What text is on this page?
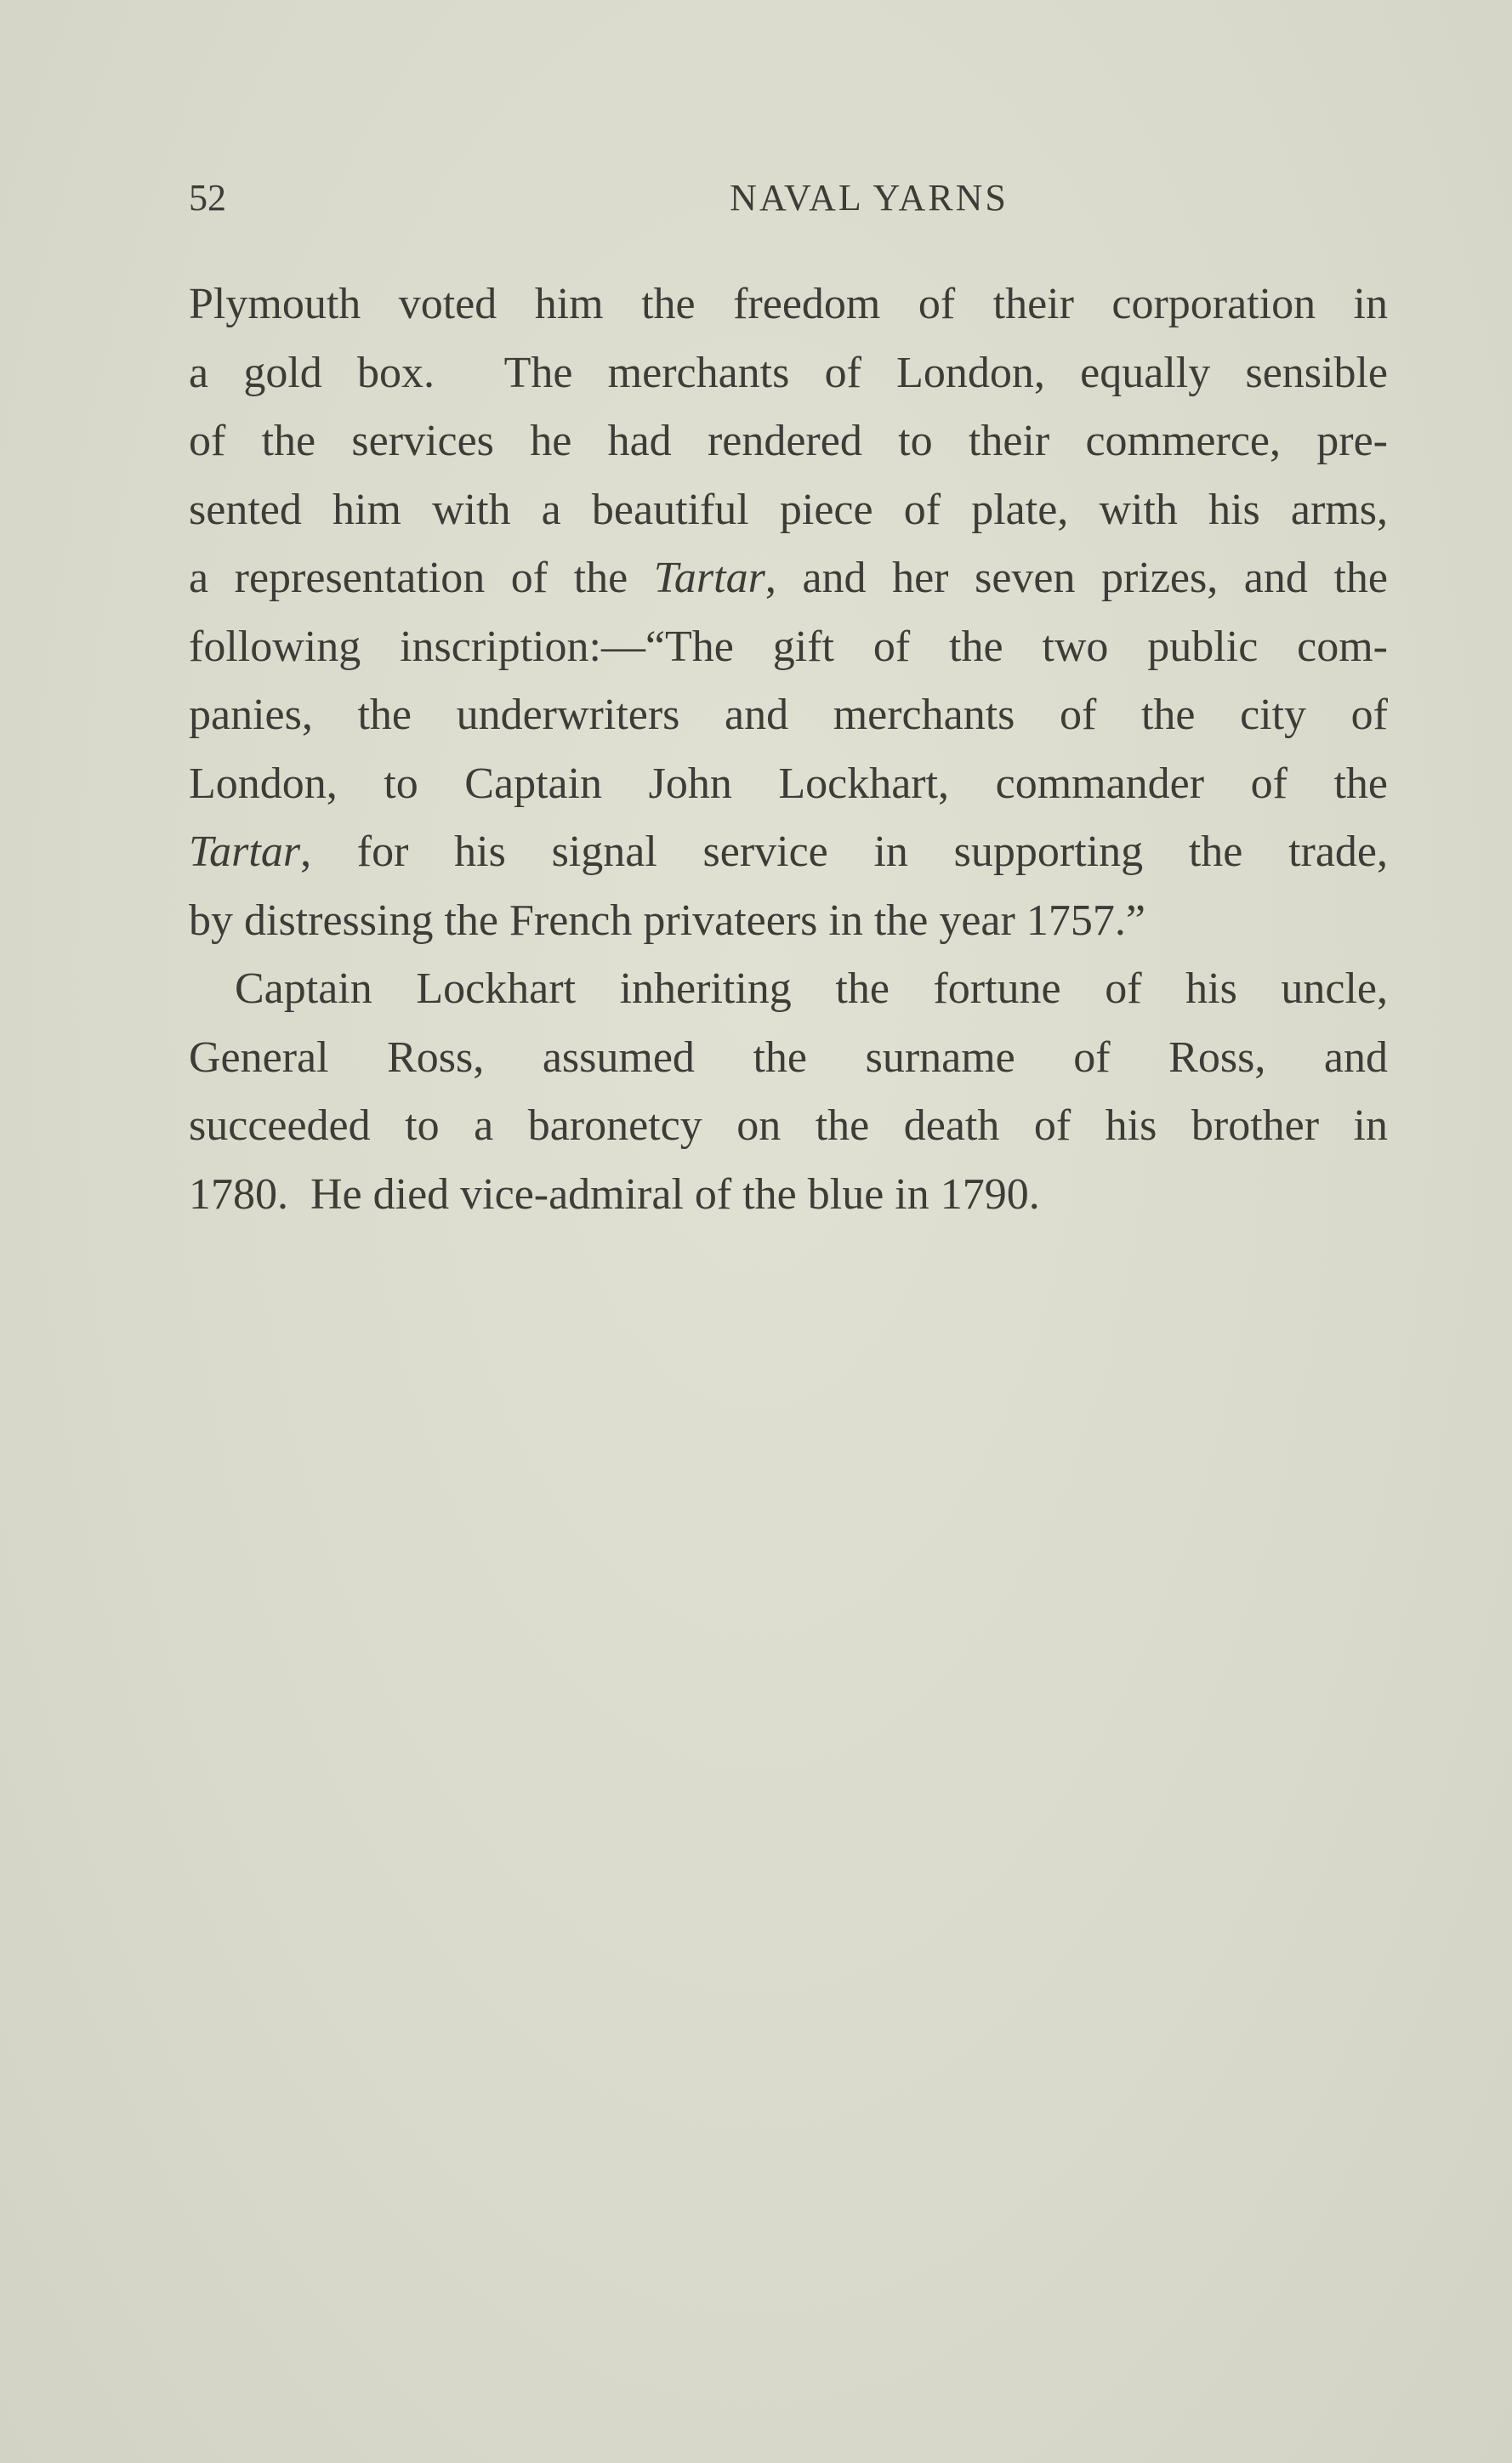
52	NAVAL YARNS
Plymouth voted him the freedom of their corporation in
a gold box.  The merchants of London, equally sensible
of the services he had rendered to their commerce, pre-
sented him with a beautiful piece of plate, with his arms,
a representation of the Tartar, and her seven prizes, and the
following inscription:—“The gift of the two public com-
panies, the underwriters and merchants of the city of
London, to Captain John Lockhart, commander of the
Tartar, for his signal service in supporting the trade,
by distressing the French privateers in the year 1757.”
Captain Lockhart inheriting the fortune of his uncle,
General Ross, assumed the surname of Ross, and
succeeded to a baronetcy on the death of his brother in
1780.  He died vice-admiral of the blue in 1790.
